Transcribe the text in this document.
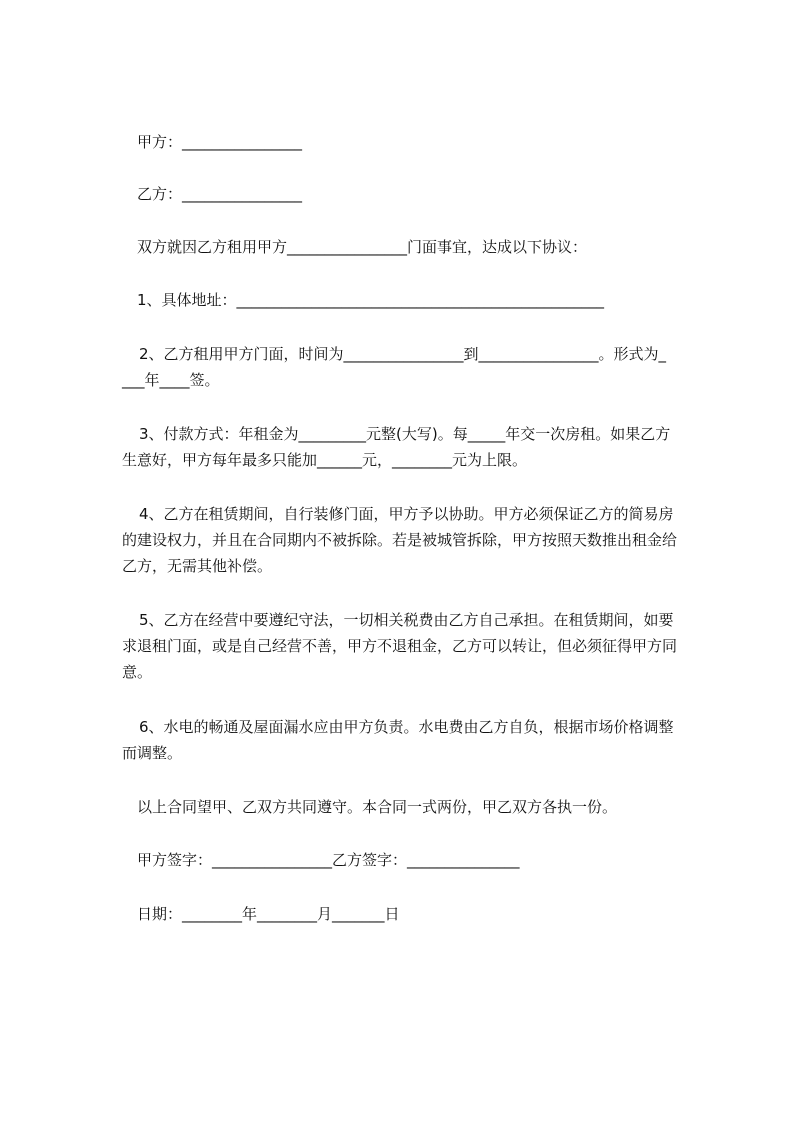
甲方：________________
乙方：________________
双方就因乙方租用甲方________________门面事宜，达成以下协议：
1、具体地址：_________________________________________________
2、乙方租用甲方门面，时间为________________到________________。形式为_
___年____签。
3、付款方式：年租金为_________元整(大写)。每_____年交一次房租。如果乙方
生意好，甲方每年最多只能加______元，________元为上限。
4、乙方在租赁期间，自行装修门面，甲方予以协助。甲方必须保证乙方的简易房
的建设权力，并且在合同期内不被拆除。若是被城管拆除，甲方按照天数推出租金给
乙方，无需其他补偿。
5、乙方在经营中要遵纪守法，一切相关税费由乙方自己承担。在租赁期间，如要
求退租门面，或是自己经营不善，甲方不退租金，乙方可以转让，但必须征得甲方同
意。
6、水电的畅通及屋面漏水应由甲方负责。水电费由乙方自负，根据市场价格调整
而调整。
以上合同望甲、乙双方共同遵守。本合同一式两份，甲乙双方各执一份。
甲方签字：________________乙方签字：_______________
日期：________年________月_______日
